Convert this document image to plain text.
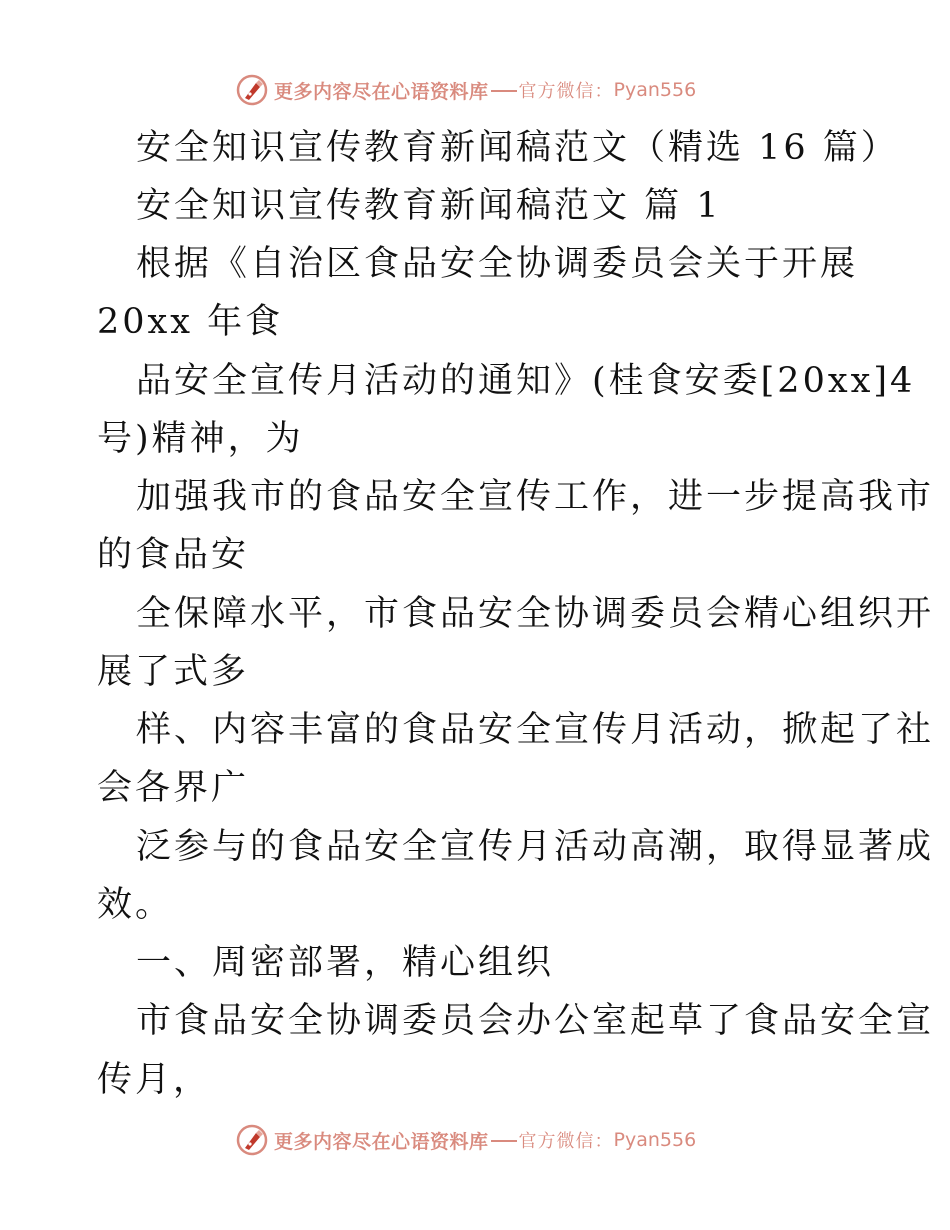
更多内容尽在心语资料库 官方微信： Pyan556
安全知识宣传教育新闻稿范文（精选 16 篇）
安全知识宣传教育新闻稿范文 篇 1
根据《自治区食品安全协调委员会关于开展
20xx 年食
品安全宣传月活动的通知》(桂食安委[20xx]4
号)精神，为
加强我市的食品安全宣传工作，进一步提高我市
的食品安
全保障水平，市食品安全协调委员会精心组织开
展了式多
样、内容丰富的食品安全宣传月活动，掀起了社
会各界广
泛参与的食品安全宣传月活动高潮，取得显著成
效。
一、周密部署，精心组织
市食品安全协调委员会办公室起草了食品安全宣
传月，
更多内容尽在心语资料库 官方微信： Pyan556
